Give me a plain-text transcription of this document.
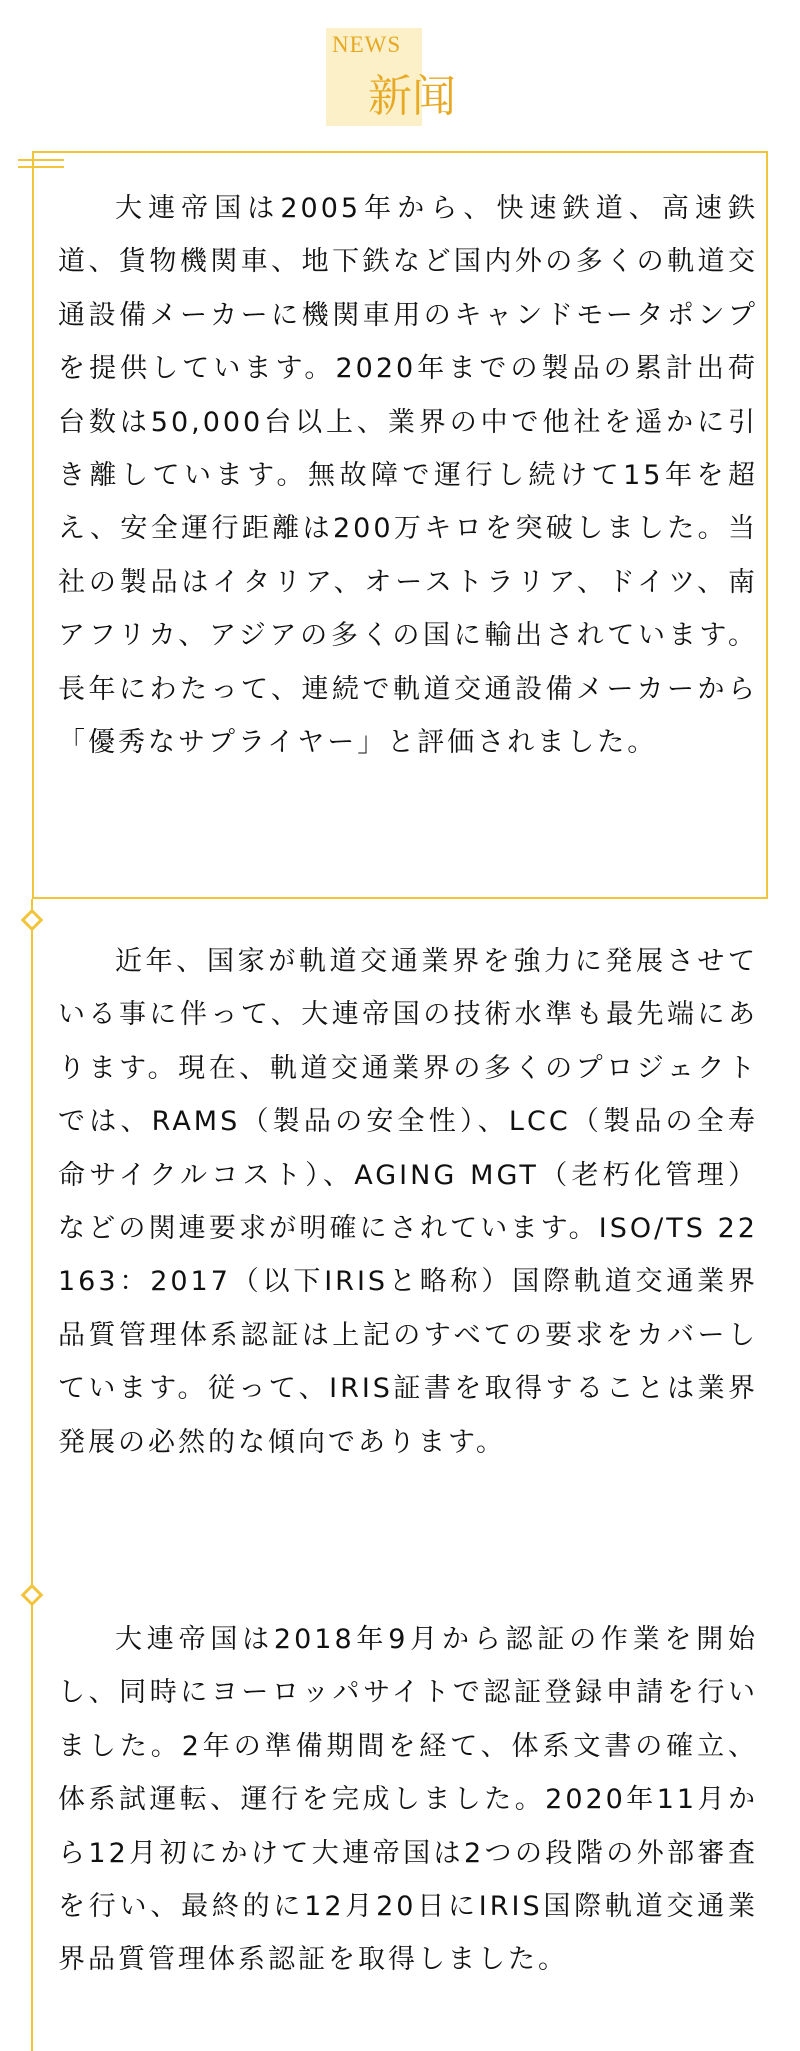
NEWS
新闻

大連帝国は2005年から、快速鉄道、高速鉄道、貨物機関車、地下鉄など国内外の多くの軌道交通設備メーカーに機関車用のキャンドモータポンプを提供しています。2020年までの製品の累計出荷台数は50,000台以上、業界の中で他社を遥かに引き離しています。無故障で運行し続けて15年を超え、安全運行距離は200万キロを突破しました。当社の製品はイタリア、オーストラリア、ドイツ、南アフリカ、アジアの多くの国に輸出されています。長年にわたって、連続で軌道交通設備メーカーから「優秀なサプライヤー」と評価されました。

近年、国家が軌道交通業界を強力に発展させている事に伴って、大連帝国の技術水準も最先端にあります。現在、軌道交通業界の多くのプロジェクトでは、RAMS（製品の安全性）、LCC（製品の全寿命サイクルコスト）、AGING MGT（老朽化管理）などの関連要求が明確にされています。ISO/TS 22163：2017（以下IRISと略称）国際軌道交通業界品質管理体系認証は上記のすべての要求をカバーしています。従って、IRIS証書を取得することは業界発展の必然的な傾向であります。

大連帝国は2018年9月から認証の作業を開始し、同時にヨーロッパサイトで認証登録申請を行いました。2年の準備期間を経て、体系文書の確立、体系試運転、運行を完成しました。2020年11月から12月初にかけて大連帝国は2つの段階の外部審査を行い、最終的に12月20日にIRIS国際軌道交通業界品質管理体系認証を取得しました。
